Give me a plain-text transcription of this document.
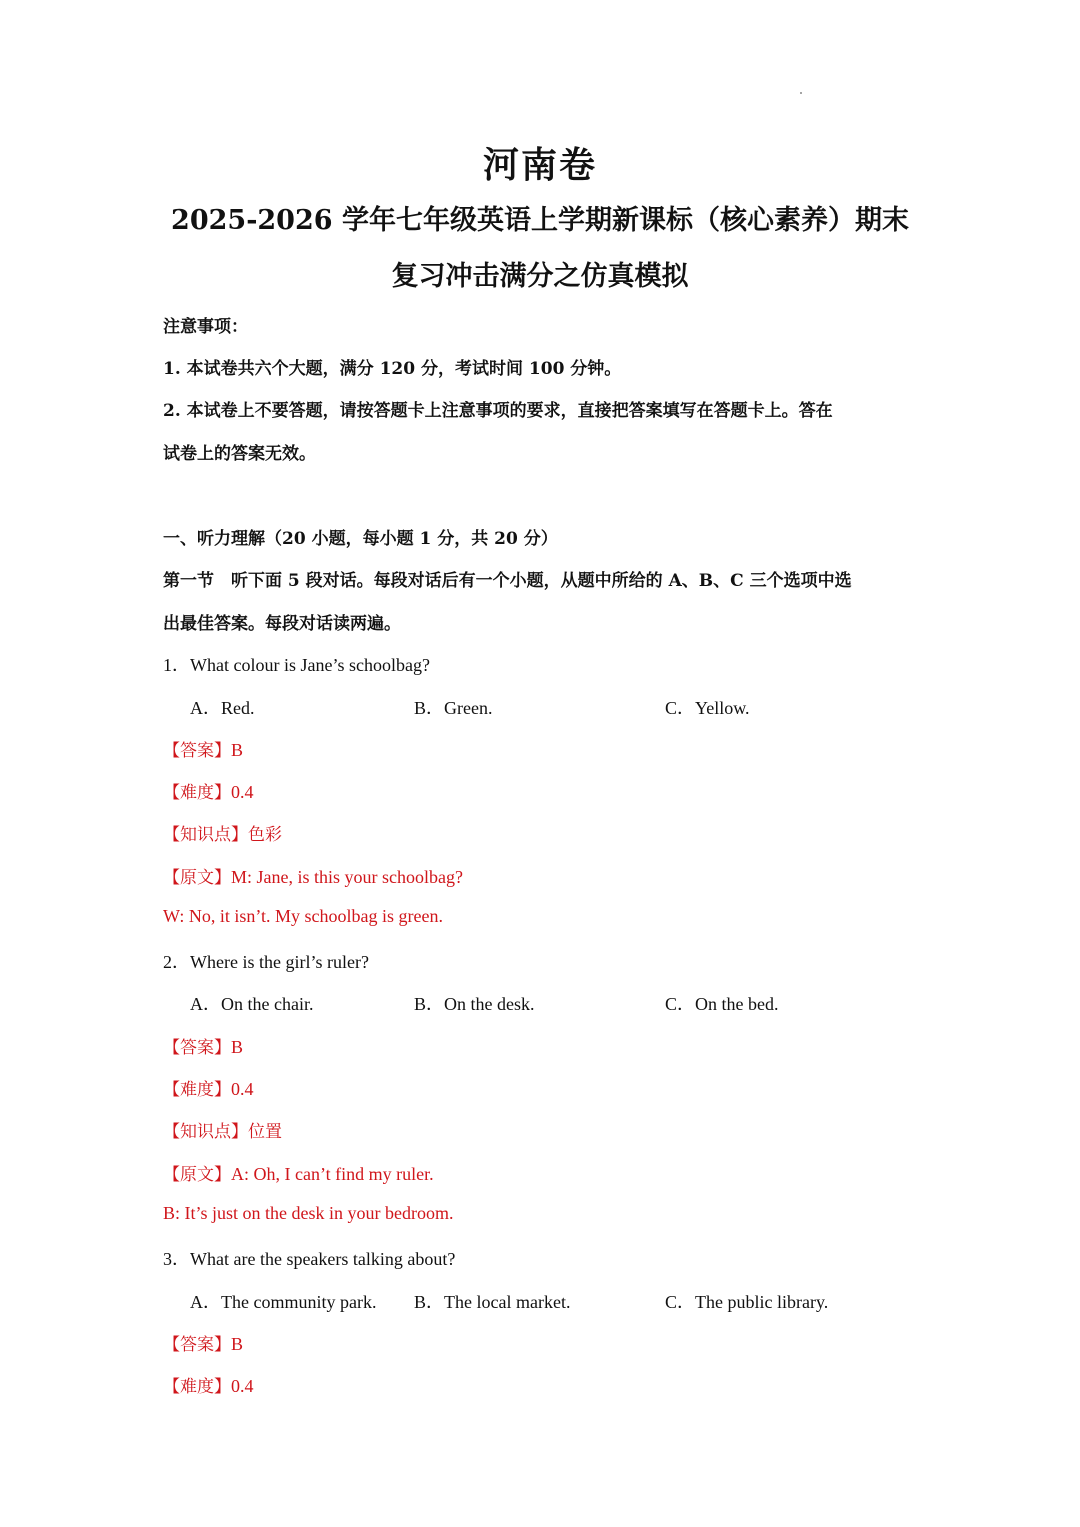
河南卷
2025-2026 学年七年级英语上学期新课标（核心素养）期末
复习冲击满分之仿真模拟
注意事项：
1. 本试卷共六个大题，满分 120 分，考试时间 100 分钟。
2. 本试卷上不要答题，请按答题卡上注意事项的要求，直接把答案填写在答题卡上。答在
试卷上的答案无效。
一、听力理解（20 小题，每小题 1 分，共 20 分）
第一节　听下面 5 段对话。每段对话后有一个小题，从题中所给的 A、B、C 三个选项中选
出最佳答案。每段对话读两遍。
1．What colour is Jane’s schoolbag?
A．Red.	B．Green.	C．Yellow.
【答案】B
【难度】0.4
【知识点】色彩
【原文】M: Jane, is this your schoolbag?
W: No, it isn’t. My schoolbag is green.
2．Where is the girl’s ruler?
A．On the chair.	B．On the desk.	C．On the bed.
【答案】B
【难度】0.4
【知识点】位置
【原文】A: Oh, I can’t find my ruler.
B: It’s just on the desk in your bedroom.
3．What are the speakers talking about?
A．The community park. B．The local market.	C．The public library.
【答案】B
【难度】0.4
